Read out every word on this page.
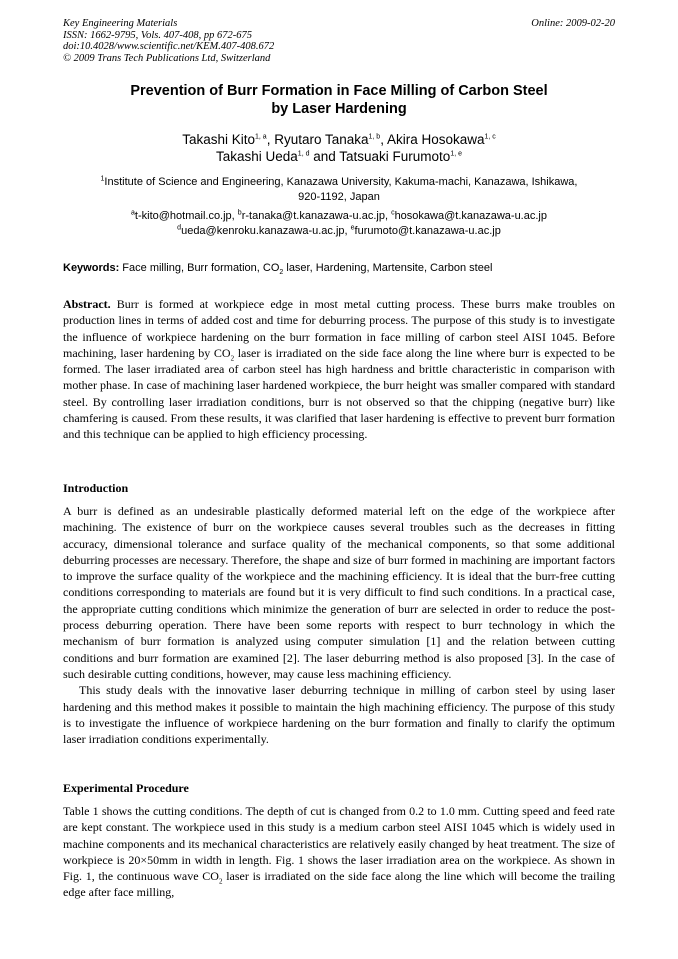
Key Engineering Materials
ISSN: 1662-9795, Vols. 407-408, pp 672-675
doi:10.4028/www.scientific.net/KEM.407-408.672
© 2009 Trans Tech Publications Ltd, Switzerland
Online: 2009-02-20
Prevention of Burr Formation in Face Milling of Carbon Steel
by Laser Hardening
Takashi Kito$^{1, a}$, Ryutaro Tanaka$^{1, b}$, Akira Hosokawa$^{1, c}$
Takashi Ueda$^{1, d}$ and Tatsuaki Furumoto$^{1, e}$
$^1$Institute of Science and Engineering, Kanazawa University, Kakuma-machi, Kanazawa, Ishikawa,
920-1192, Japan
$^a$t-kito@hotmail.co.jp, $^b$r-tanaka@t.kanazawa-u.ac.jp, $^c$hosokawa@t.kanazawa-u.ac.jp
$^d$ueda@kenroku.kanazawa-u.ac.jp, $^e$furumoto@t.kanazawa-u.ac.jp
Keywords: Face milling, Burr formation, $CO_2$ laser, Hardening, Martensite, Carbon steel

Abstract. Burr is formed at workpiece edge in most metal cutting process. These burrs make troubles on production lines in terms of added cost and time for deburring process. The purpose of this study is to investigate the influence of workpiece hardening on the burr formation in face milling of carbon steel AISI 1045. Before machining, laser hardening by $CO_2$ laser is irradiated on the side face along the line where burr is expected to be formed. The laser irradiated area of carbon steel has high hardness and brittle characteristic in comparison with mother phase. In case of machining laser hardened workpiece, the burr height was smaller compared with standard steel. By controlling laser irradiation conditions, burr is not observed so that the chipping (negative burr) like chamfering is caused. From these results, it was clarified that laser hardening is effective to prevent burr formation and this technique can be applied to high efficiency processing.

Introduction

A burr is defined as an undesirable plastically deformed material left on the edge of the workpiece after machining. The existence of burr on the workpiece causes several troubles such as the decreases in fitting accuracy, dimensional tolerance and surface quality of the mechanical components, so that some additional deburring processes are necessary. Therefore, the shape and size of burr formed in machining are important factors to improve the surface quality of the workpiece and the machining efficiency. It is ideal that the burr-free cutting conditions corresponding to materials are found but it is very difficult to find such conditions. In a practical case, the appropriate cutting conditions which minimize the generation of burr are selected in order to reduce the post-process deburring operation. There have been some reports with respect to burr technology in which the mechanism of burr formation is analyzed using computer simulation [1] and the relation between cutting conditions and burr formation are examined [2]. The laser deburring method is also proposed [3]. In the case of such desirable cutting conditions, however, may cause less machining efficiency.

This study deals with the innovative laser deburring technique in milling of carbon steel by using laser hardening and this method makes it possible to maintain the high machining efficiency. The purpose of this study is to investigate the influence of workpiece hardening on the burr formation and finally to clarify the optimum laser irradiation conditions experimentally.

Experimental Procedure

Table 1 shows the cutting conditions. The depth of cut is changed from 0.2 to 1.0 mm. Cutting speed and feed rate are kept constant. The workpiece used in this study is a medium carbon steel AISI 1045 which is widely used in machine components and its mechanical characteristics are relatively easily changed by heat treatment. The size of workpiece is 20×50mm in width in length. Fig. 1 shows the laser irradiation area on the workpiece. As shown in Fig. 1, the continuous wave $CO_2$ laser is irradiated on the side face along the line which will become the trailing edge after face milling,
